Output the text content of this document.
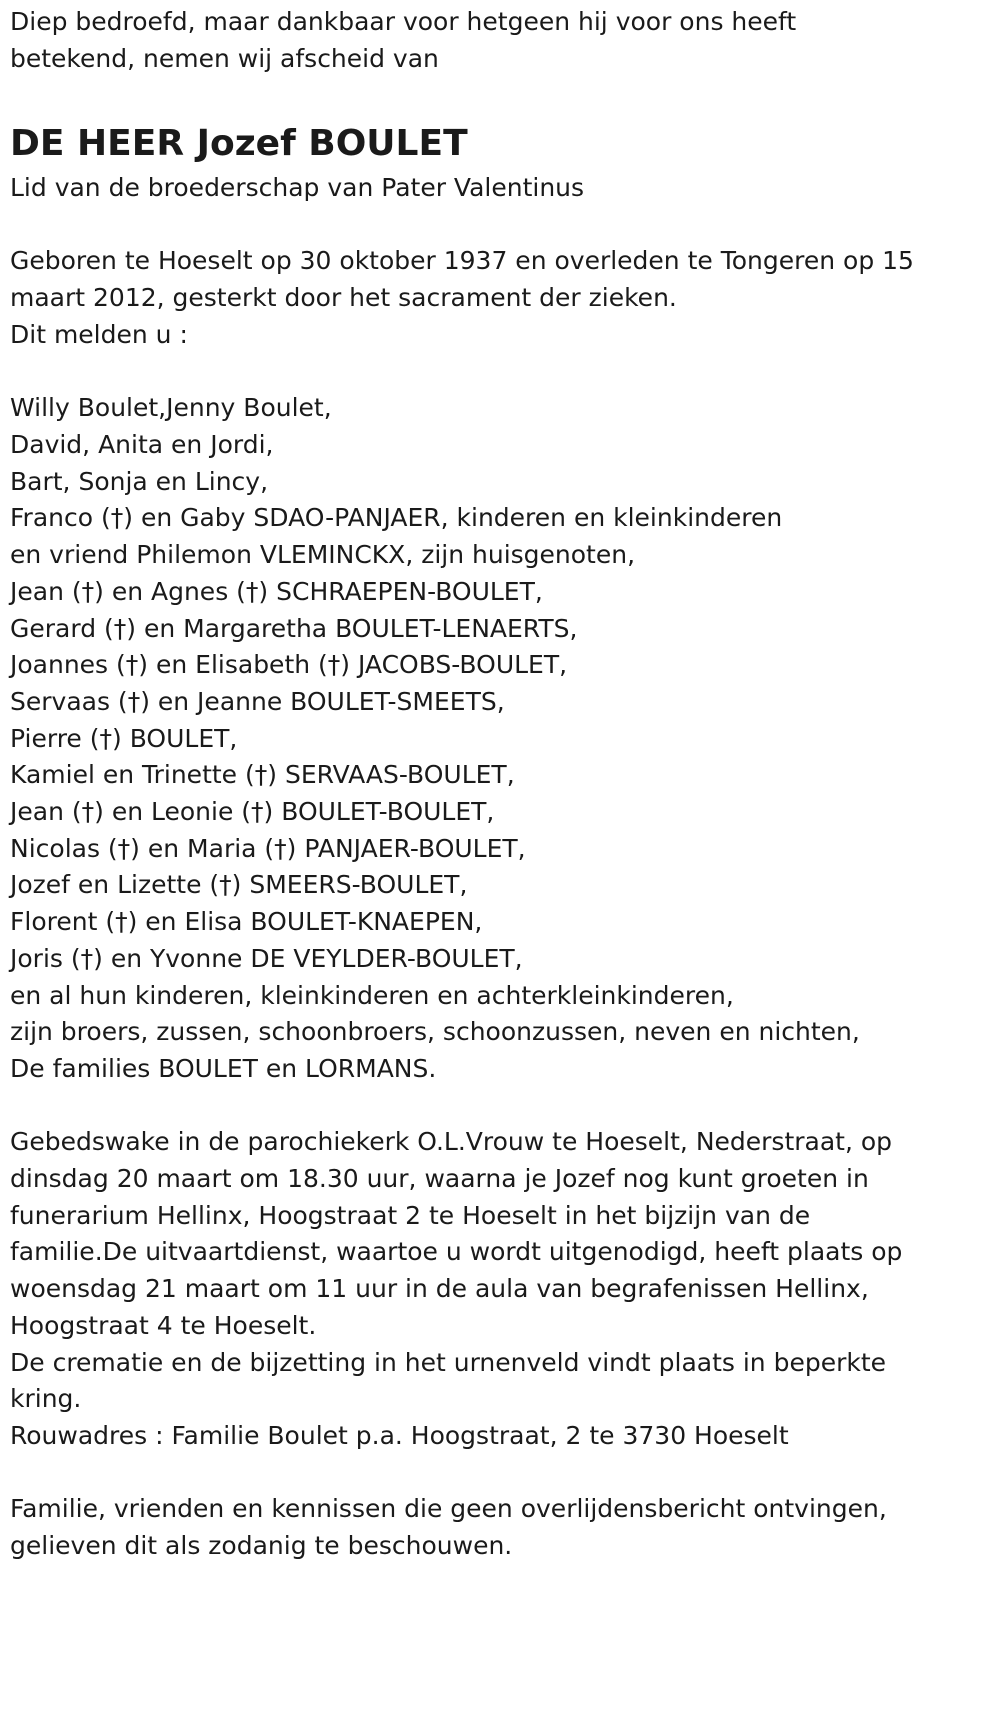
Diep bedroefd, maar dankbaar voor hetgeen hij voor ons heeft

betekend, nemen wij afscheid van

DE HEER Jozef BOULET

Lid van de broederschap van Pater Valentinus

Geboren te Hoeselt op 30 oktober 1937 en overleden te Tongeren op 15

maart 2012, gesterkt door het sacrament der zieken.

Dit melden u :

Willy Boulet,Jenny Boulet,

David, Anita en Jordi,

Bart, Sonja en Lincy,

Franco (†) en Gaby SDAO-PANJAER, kinderen en kleinkinderen

en vriend Philemon VLEMINCKX, zijn huisgenoten,

Jean (†) en Agnes (†) SCHRAEPEN-BOULET,

Gerard (†) en Margaretha BOULET-LENAERTS,

Joannes (†) en Elisabeth (†) JACOBS-BOULET,

Servaas (†) en Jeanne BOULET-SMEETS,

Pierre (†) BOULET,

Kamiel en Trinette (†) SERVAAS-BOULET,

Jean (†) en Leonie (†) BOULET-BOULET,

Nicolas (†) en Maria (†) PANJAER-BOULET,

Jozef en Lizette (†) SMEERS-BOULET,

Florent (†) en Elisa BOULET-KNAEPEN,

Joris (†) en Yvonne DE VEYLDER-BOULET,

en al hun kinderen, kleinkinderen en achterkleinkinderen,

zijn broers, zussen, schoonbroers, schoonzussen, neven en nichten,

De families BOULET en LORMANS.

Gebedswake in de parochiekerk O.L.Vrouw te Hoeselt, Nederstraat, op

dinsdag 20 maart om 18.30 uur, waarna je Jozef nog kunt groeten in

funerarium Hellinx, Hoogstraat 2 te Hoeselt in het bijzijn van de

familie.De uitvaartdienst, waartoe u wordt uitgenodigd, heeft plaats op

woensdag 21 maart om 11 uur in de aula van begrafenissen Hellinx,

Hoogstraat 4 te Hoeselt.

De crematie en de bijzetting in het urnenveld vindt plaats in beperkte

kring.

Rouwadres : Familie Boulet p.a. Hoogstraat, 2 te 3730 Hoeselt

Familie, vrienden en kennissen die geen overlijdensbericht ontvingen,

gelieven dit als zodanig te beschouwen.
